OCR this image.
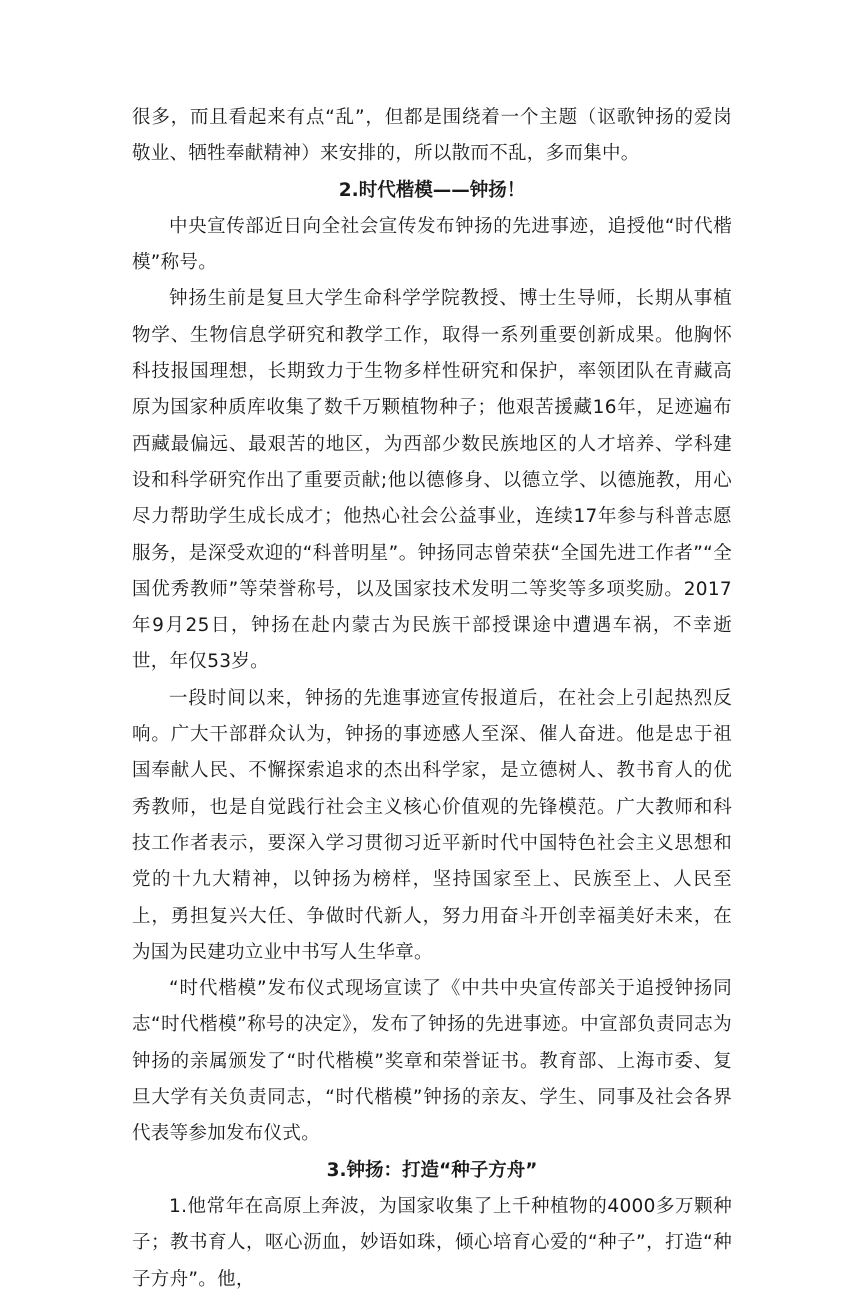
很多，而且看起来有点“乱”，但都是围绕着一个主题（讴歌钟扬的爱岗敬业、牺牲奉献精神）来安排的，所以散而不乱，多而集中。

2.时代楷模——钟扬！

中央宣传部近日向全社会宣传发布钟扬的先进事迹，追授他“时代楷模”称号。

钟扬生前是复旦大学生命科学学院教授、博士生导师，长期从事植物学、生物信息学研究和教学工作，取得一系列重要创新成果。他胸怀科技报国理想，长期致力于生物多样性研究和保护，率领团队在青藏高原为国家种质库收集了数千万颗植物种子；他艰苦援藏16年，足迹遍布西藏最偏远、最艰苦的地区，为西部少数民族地区的人才培养、学科建设和科学研究作出了重要贡献;他以德修身、以德立学、以德施教，用心尽力帮助学生成长成才；他热心社会公益事业，连续17年参与科普志愿服务，是深受欢迎的“科普明星”。钟扬同志曾荣获“全国先进工作者”“全国优秀教师”等荣誉称号，以及国家技术发明二等奖等多项奖励。2017年9月25日，钟扬在赴内蒙古为民族干部授课途中遭遇车祸，不幸逝世，年仅53岁。

一段时间以来，钟扬的先進事迹宣传报道后，在社会上引起热烈反响。广大干部群众认为，钟扬的事迹感人至深、催人奋进。他是忠于祖国奉献人民、不懈探索追求的杰出科学家，是立德树人、教书育人的优秀教师，也是自觉践行社会主义核心价值观的先锋模范。广大教师和科技工作者表示，要深入学习贯彻习近平新时代中国特色社会主义思想和党的十九大精神，以钟扬为榜样，坚持国家至上、民族至上、人民至上，勇担复兴大任、争做时代新人，努力用奋斗开创幸福美好未来，在为国为民建功立业中书写人生华章。

“时代楷模”发布仪式现场宣读了《中共中央宣传部关于追授钟扬同志“时代楷模”称号的决定》，发布了钟扬的先进事迹。中宣部负责同志为钟扬的亲属颁发了“时代楷模”奖章和荣誉证书。教育部、上海市委、复旦大学有关负责同志，“时代楷模”钟扬的亲友、学生、同事及社会各界代表等参加发布仪式。

3.钟扬：打造“种子方舟”

1.他常年在高原上奔波，为国家收集了上千种植物的4000多万颗种子；教书育人，呕心沥血，妙语如珠，倾心培育心爱的“种子”，打造“种子方舟”。他，
